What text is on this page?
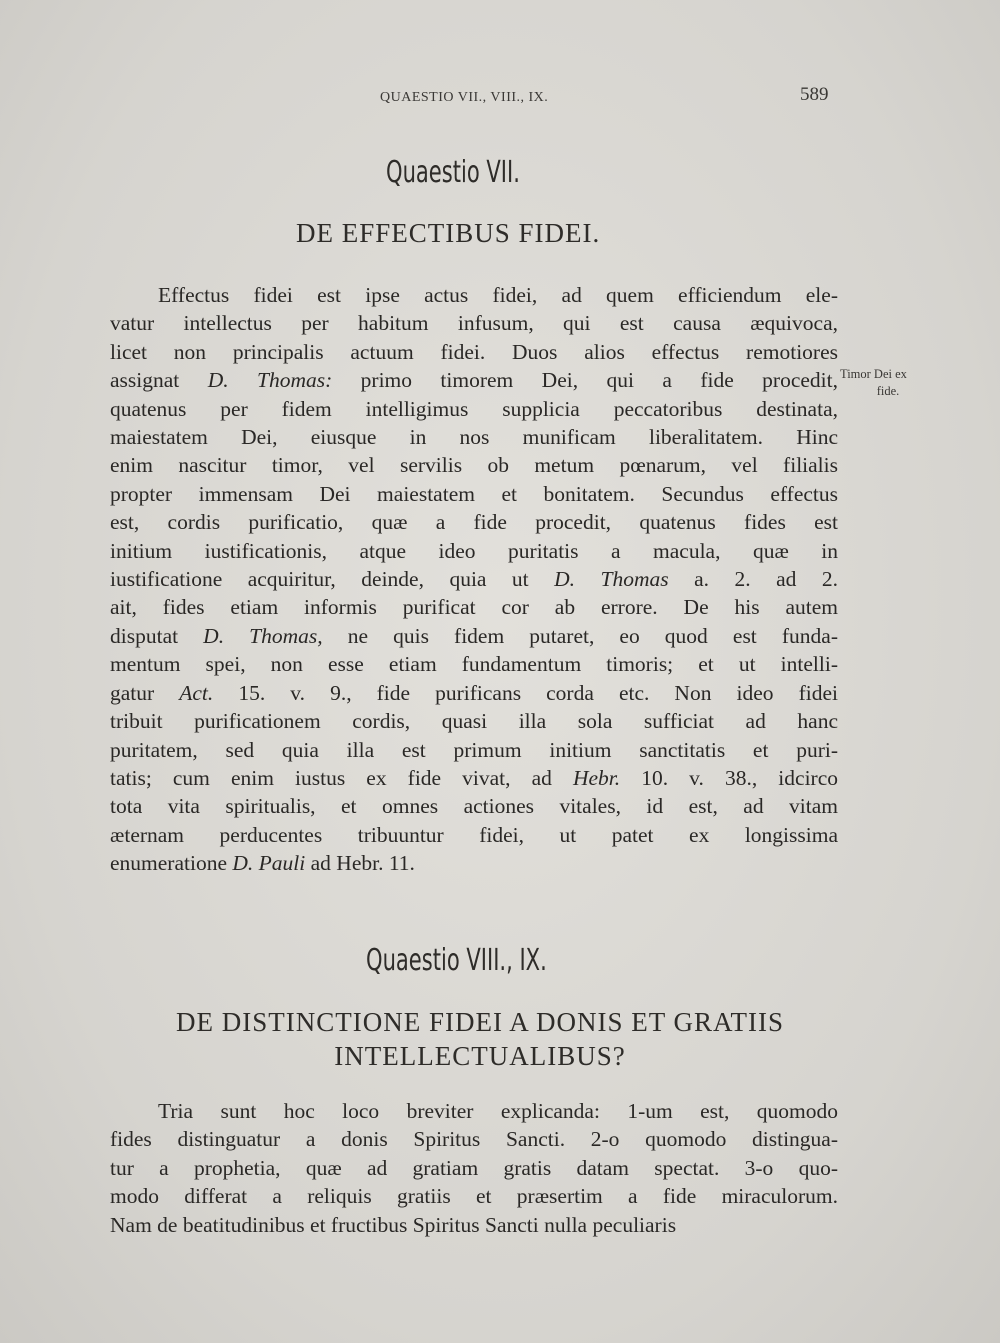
QUAESTIO VII., VIII., IX.	589
Quaestio VII.
DE EFFECTIBUS FIDEI.
Effectus fidei est ipse actus fidei, ad quem efficiendum ele-
vatur intellectus per habitum infusum, qui est causa æquivoca,
licet non principalis actuum fidei. Duos alios effectus remotiores
assignat D. Thomas: primo timorem Dei, qui a fide procedit,
quatenus per fidem intelligimus supplicia peccatoribus destinata,
maiestatem Dei, eiusque in nos munificam liberalitatem. Hinc
enim nascitur timor, vel servilis ob metum pœnarum, vel filialis
propter immensam Dei maiestatem et bonitatem. Secundus effectus
est, cordis purificatio, quæ a fide procedit, quatenus fides est
initium iustificationis, atque ideo puritatis a macula, quæ in
iustificatione acquiritur, deinde, quia ut D. Thomas a. 2. ad 2.
ait, fides etiam informis purificat cor ab errore. De his autem
disputat D. Thomas, ne quis fidem putaret, eo quod est funda-
mentum spei, non esse etiam fundamentum timoris; et ut intelli-
gatur Act. 15. v. 9., fide purificans corda etc. Non ideo fidei
tribuit purificationem cordis, quasi illa sola sufficiat ad hanc
puritatem, sed quia illa est primum initium sanctitatis et puri-
tatis; cum enim iustus ex fide vivat, ad Hebr. 10. v. 38., idcirco
tota vita spiritualis, et omnes actiones vitales, id est, ad vitam
æternam perducentes tribuuntur fidei, ut patet ex longissima
enumeratione D. Pauli ad Hebr. 11.
Timor Dei ex
fide.
Quaestio VIII., IX.
DE DISTINCTIONE FIDEI A DONIS ET GRATIIS
INTELLECTUALIBUS?
Tria sunt hoc loco breviter explicanda: 1-um est, quomodo
fides distinguatur a donis Spiritus Sancti. 2-o quomodo distingua-
tur a prophetia, quæ ad gratiam gratis datam spectat. 3-o quo-
modo differat a reliquis gratiis et præsertim a fide miraculorum.
Nam de beatitudinibus et fructibus Spiritus Sancti nulla peculiaris
